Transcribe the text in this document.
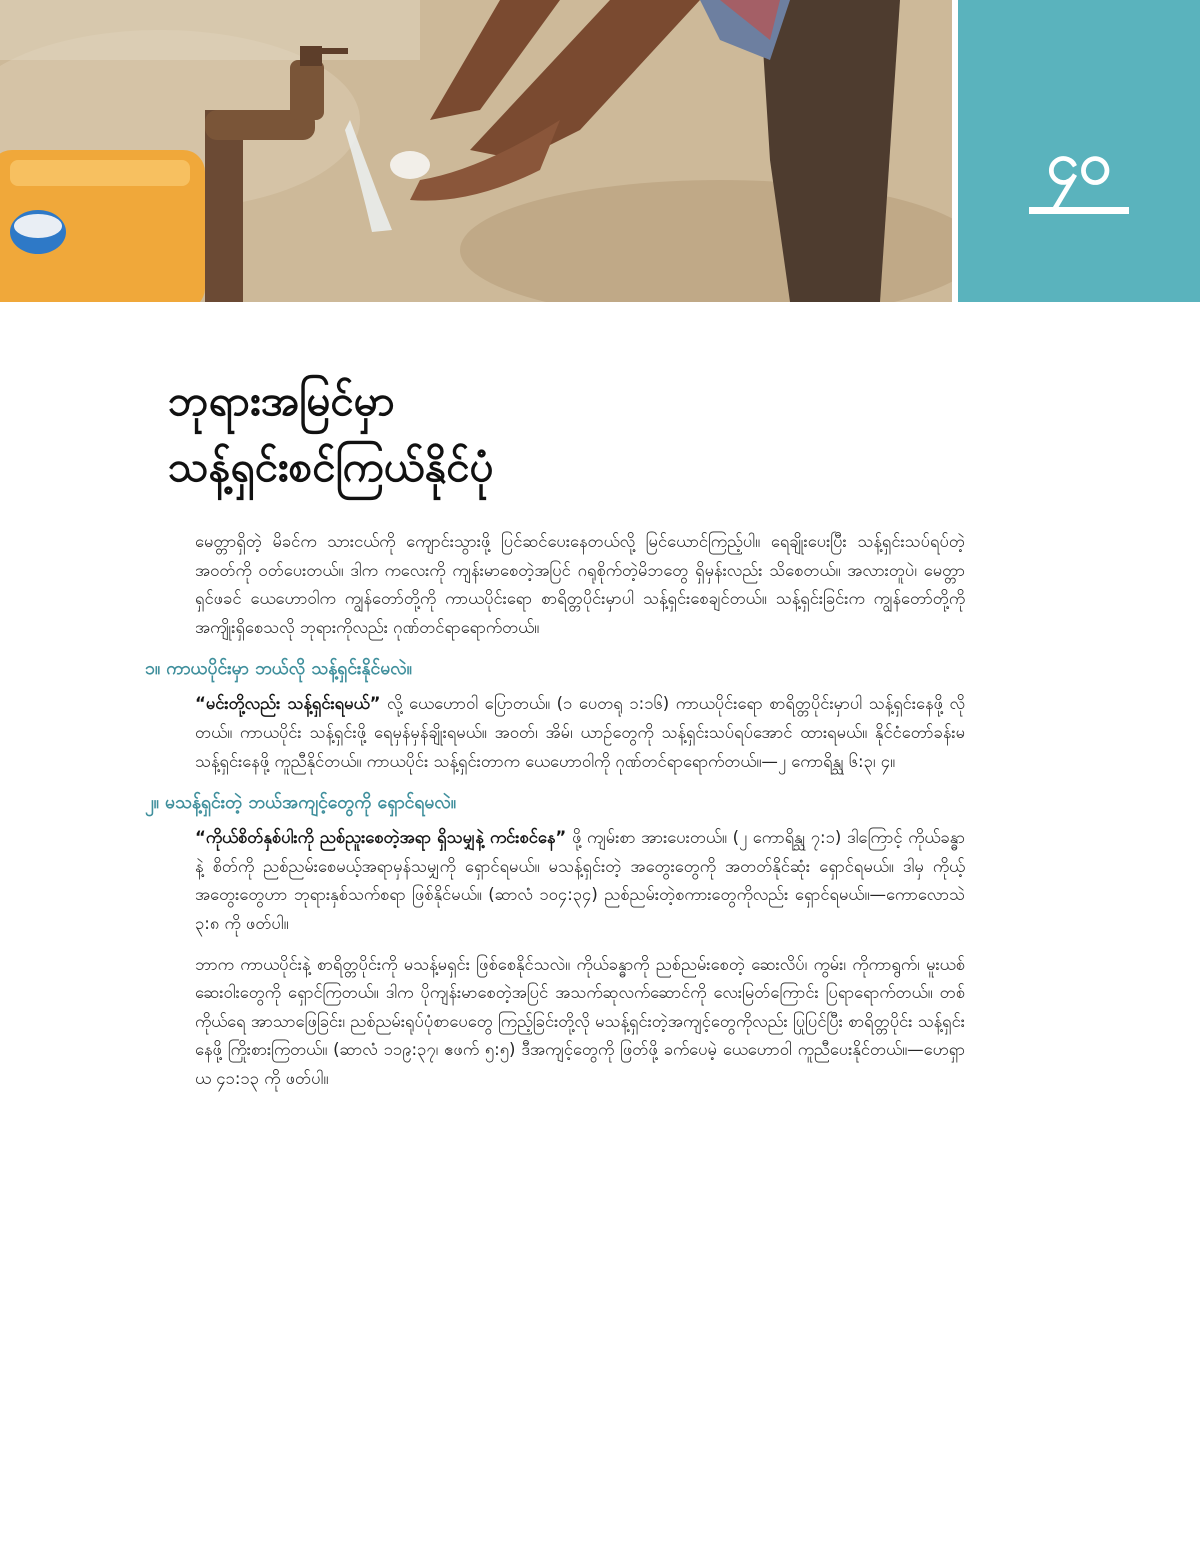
၄၀
ဘုရားအမြင်မှာ
သန့်ရှင်းစင်ကြယ်နိုင်ပုံ

မေတ္တာရှိတဲ့ မိခင်က သားငယ်ကို ကျောင်းသွားဖို့ ပြင်ဆင်ပေးနေတယ်လို့ မြင်ယောင်ကြည့်ပါ။ ရေချိုးပေးပြီး သန့်ရှင်းသပ်ရပ်တဲ့ အဝတ်ကို ဝတ်ပေးတယ်။ ဒါက ကလေးကို ကျန်းမာစေတဲ့အပြင် ဂရုစိုက်တဲ့မိဘတွေ ရှိမှန်းလည်း သိစေတယ်။ အလားတူပဲ၊ မေတ္တာရှင်ဖခင် ယေဟောဝါက ကျွန်တော်တို့ကို ကာယပိုင်းရော စာရိတ္တပိုင်းမှာပါ သန့်ရှင်းစေချင်တယ်။ သန့်ရှင်းခြင်းက ကျွန်တော်တို့ကို အကျိုးရှိစေသလို ဘုရားကိုလည်း ဂုဏ်တင်ရာရောက်တယ်။

၁။ ကာယပိုင်းမှာ ဘယ်လို သန့်ရှင်းနိုင်မလဲ။

“မင်းတို့လည်း သန့်ရှင်းရမယ်” လို့ ယေဟောဝါ ပြောတယ်။ (၁ ပေတရု ၁:၁၆) ကာယပိုင်းရော စာရိတ္တပိုင်းမှာပါ သန့်ရှင်းနေဖို့ လိုတယ်။ ကာယပိုင်း သန့်ရှင်းဖို့ ရေမှန်မှန်ချိုးရမယ်။ အဝတ်၊ အိမ်၊ ယာဉ်တွေကို သန့်ရှင်းသပ်ရပ်အောင် ထားရမယ်။ နိုင်ငံတော်ခန်းမ သန့်ရှင်းနေဖို့ ကူညီနိုင်တယ်။ ကာယပိုင်း သန့်ရှင်းတာက ယေဟောဝါကို ဂုဏ်တင်ရာရောက်တယ်။—၂ ကောရိန္သု ၆:၃၊ ၄။

၂။ မသန့်ရှင်းတဲ့ ဘယ်အကျင့်တွေကို ရှောင်ရမလဲ။

“ကိုယ်စိတ်နှစ်ပါးကို ညစ်ညူးစေတဲ့အရာ ရှိသမျှနဲ့ ကင်းစင်နေ” ဖို့ ကျမ်းစာ အားပေးတယ်။ (၂ ကောရိန္သု ၇:၁) ဒါကြောင့် ကိုယ်ခန္ဓာနဲ့ စိတ်ကို ညစ်ညမ်းစေမယ့်အရာမှန်သမျှကို ရှောင်ရမယ်။ မသန့်ရှင်းတဲ့ အတွေးတွေကို အတတ်နိုင်ဆုံး ရှောင်ရမယ်။ ဒါမှ ကိုယ့်အတွေးတွေဟာ ဘုရားနှစ်သက်စရာ ဖြစ်နိုင်မယ်။ (ဆာလံ ၁၀၄:၃၄) ညစ်ညမ်းတဲ့စကားတွေကိုလည်း ရှောင်ရမယ်။—ကောလောသဲ ၃:၈ ကို ဖတ်ပါ။

ဘာက ကာယပိုင်းနဲ့ စာရိတ္တပိုင်းကို မသန့်မရှင်း ဖြစ်စေနိုင်သလဲ။ ကိုယ်ခန္ဓာကို ညစ်ညမ်းစေတဲ့ ဆေးလိပ်၊ ကွမ်း၊ ကိုကာရွက်၊ မူးယစ်ဆေးဝါးတွေကို ရှောင်ကြတယ်။ ဒါက ပိုကျန်းမာစေတဲ့အပြင် အသက်ဆုလက်ဆောင်ကို လေးမြတ်ကြောင်း ပြရာရောက်တယ်။ တစ်ကိုယ်ရေ အာသာဖြေခြင်း၊ ညစ်ညမ်းရုပ်ပုံစာပေတွေ ကြည့်ခြင်းတို့လို မသန့်ရှင်းတဲ့အကျင့်တွေကိုလည်း ပြုပြင်ပြီး စာရိတ္တပိုင်း သန့်ရှင်းနေဖို့ ကြိုးစားကြတယ်။ (ဆာလံ ၁၁၉:၃၇၊ ဧဖက် ၅:၅) ဒီအကျင့်တွေကို ဖြတ်ဖို့ ခက်ပေမဲ့ ယေဟောဝါ ကူညီပေးနိုင်တယ်။—ဟေရှာယ ၄၁:၁၃ ကို ဖတ်ပါ။
